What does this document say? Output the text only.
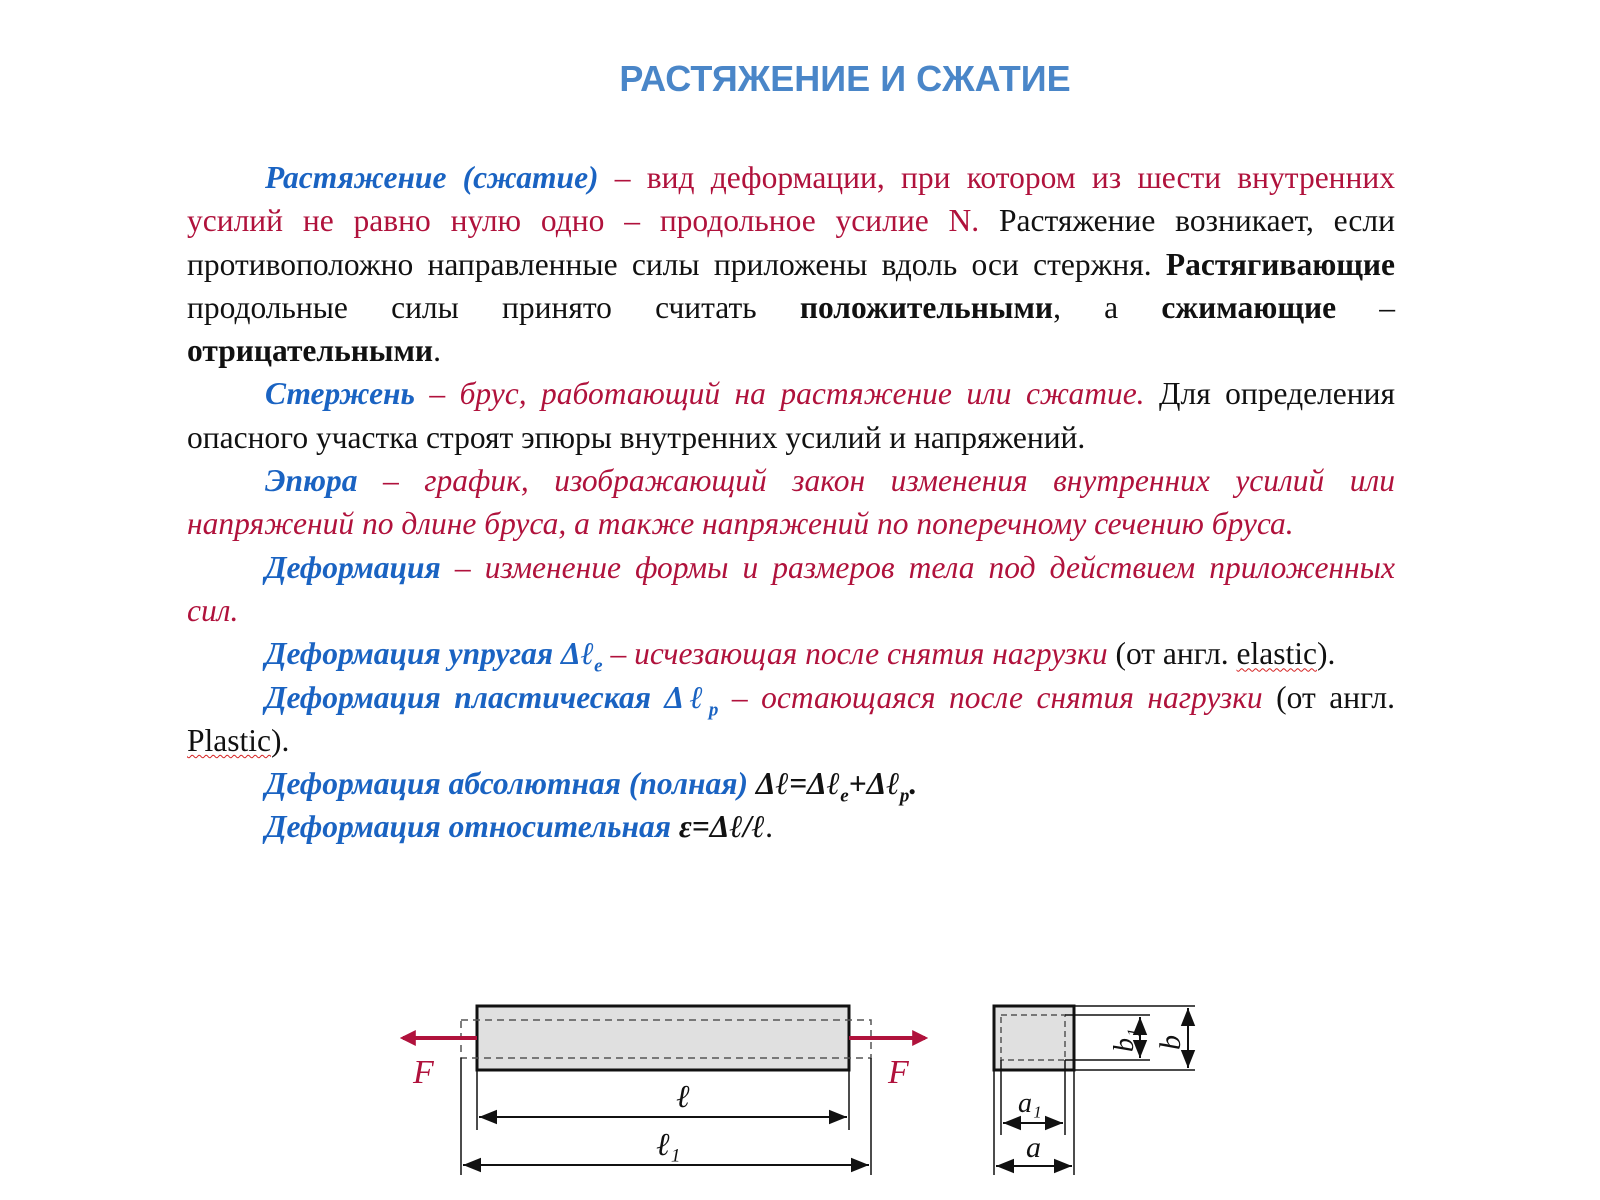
РАСТЯЖЕНИЕ И СЖАТИЕ

Растяжение (сжатие) – вид деформации, при котором из шести внутренних усилий не равно нулю одно – продольное усилие N. Растяжение возникает, если противоположно направленные силы приложены вдоль оси стержня. Растягивающие продольные силы принято считать положительными, а сжимающие – отрицательными.

Стержень – брус, работающий на растяжение или сжатие. Для определения опасного участка строят эпюры внутренних усилий и напряжений.

Эпюра – график, изображающий закон изменения внутренних усилий или напряжений по длине бруса, а также напряжений по поперечному сечению бруса.

Деформация – изменение формы и размеров тела под действием приложенных сил.

Деформация упругая Δℓ$_e$ – исчезающая после снятия нагрузки (от англ. elastic).

Деформация пластическая Δℓ$_p$ – остающаяся после снятия нагрузки (от англ. Plastic).

Деформация абсолютная (полная) Δℓ=Δℓ$_e$+Δℓ$_p$.

Деформация относительная ε=Δℓ/ℓ.

F	F
ℓ
ℓ₁
b₁ b
a₁
a
